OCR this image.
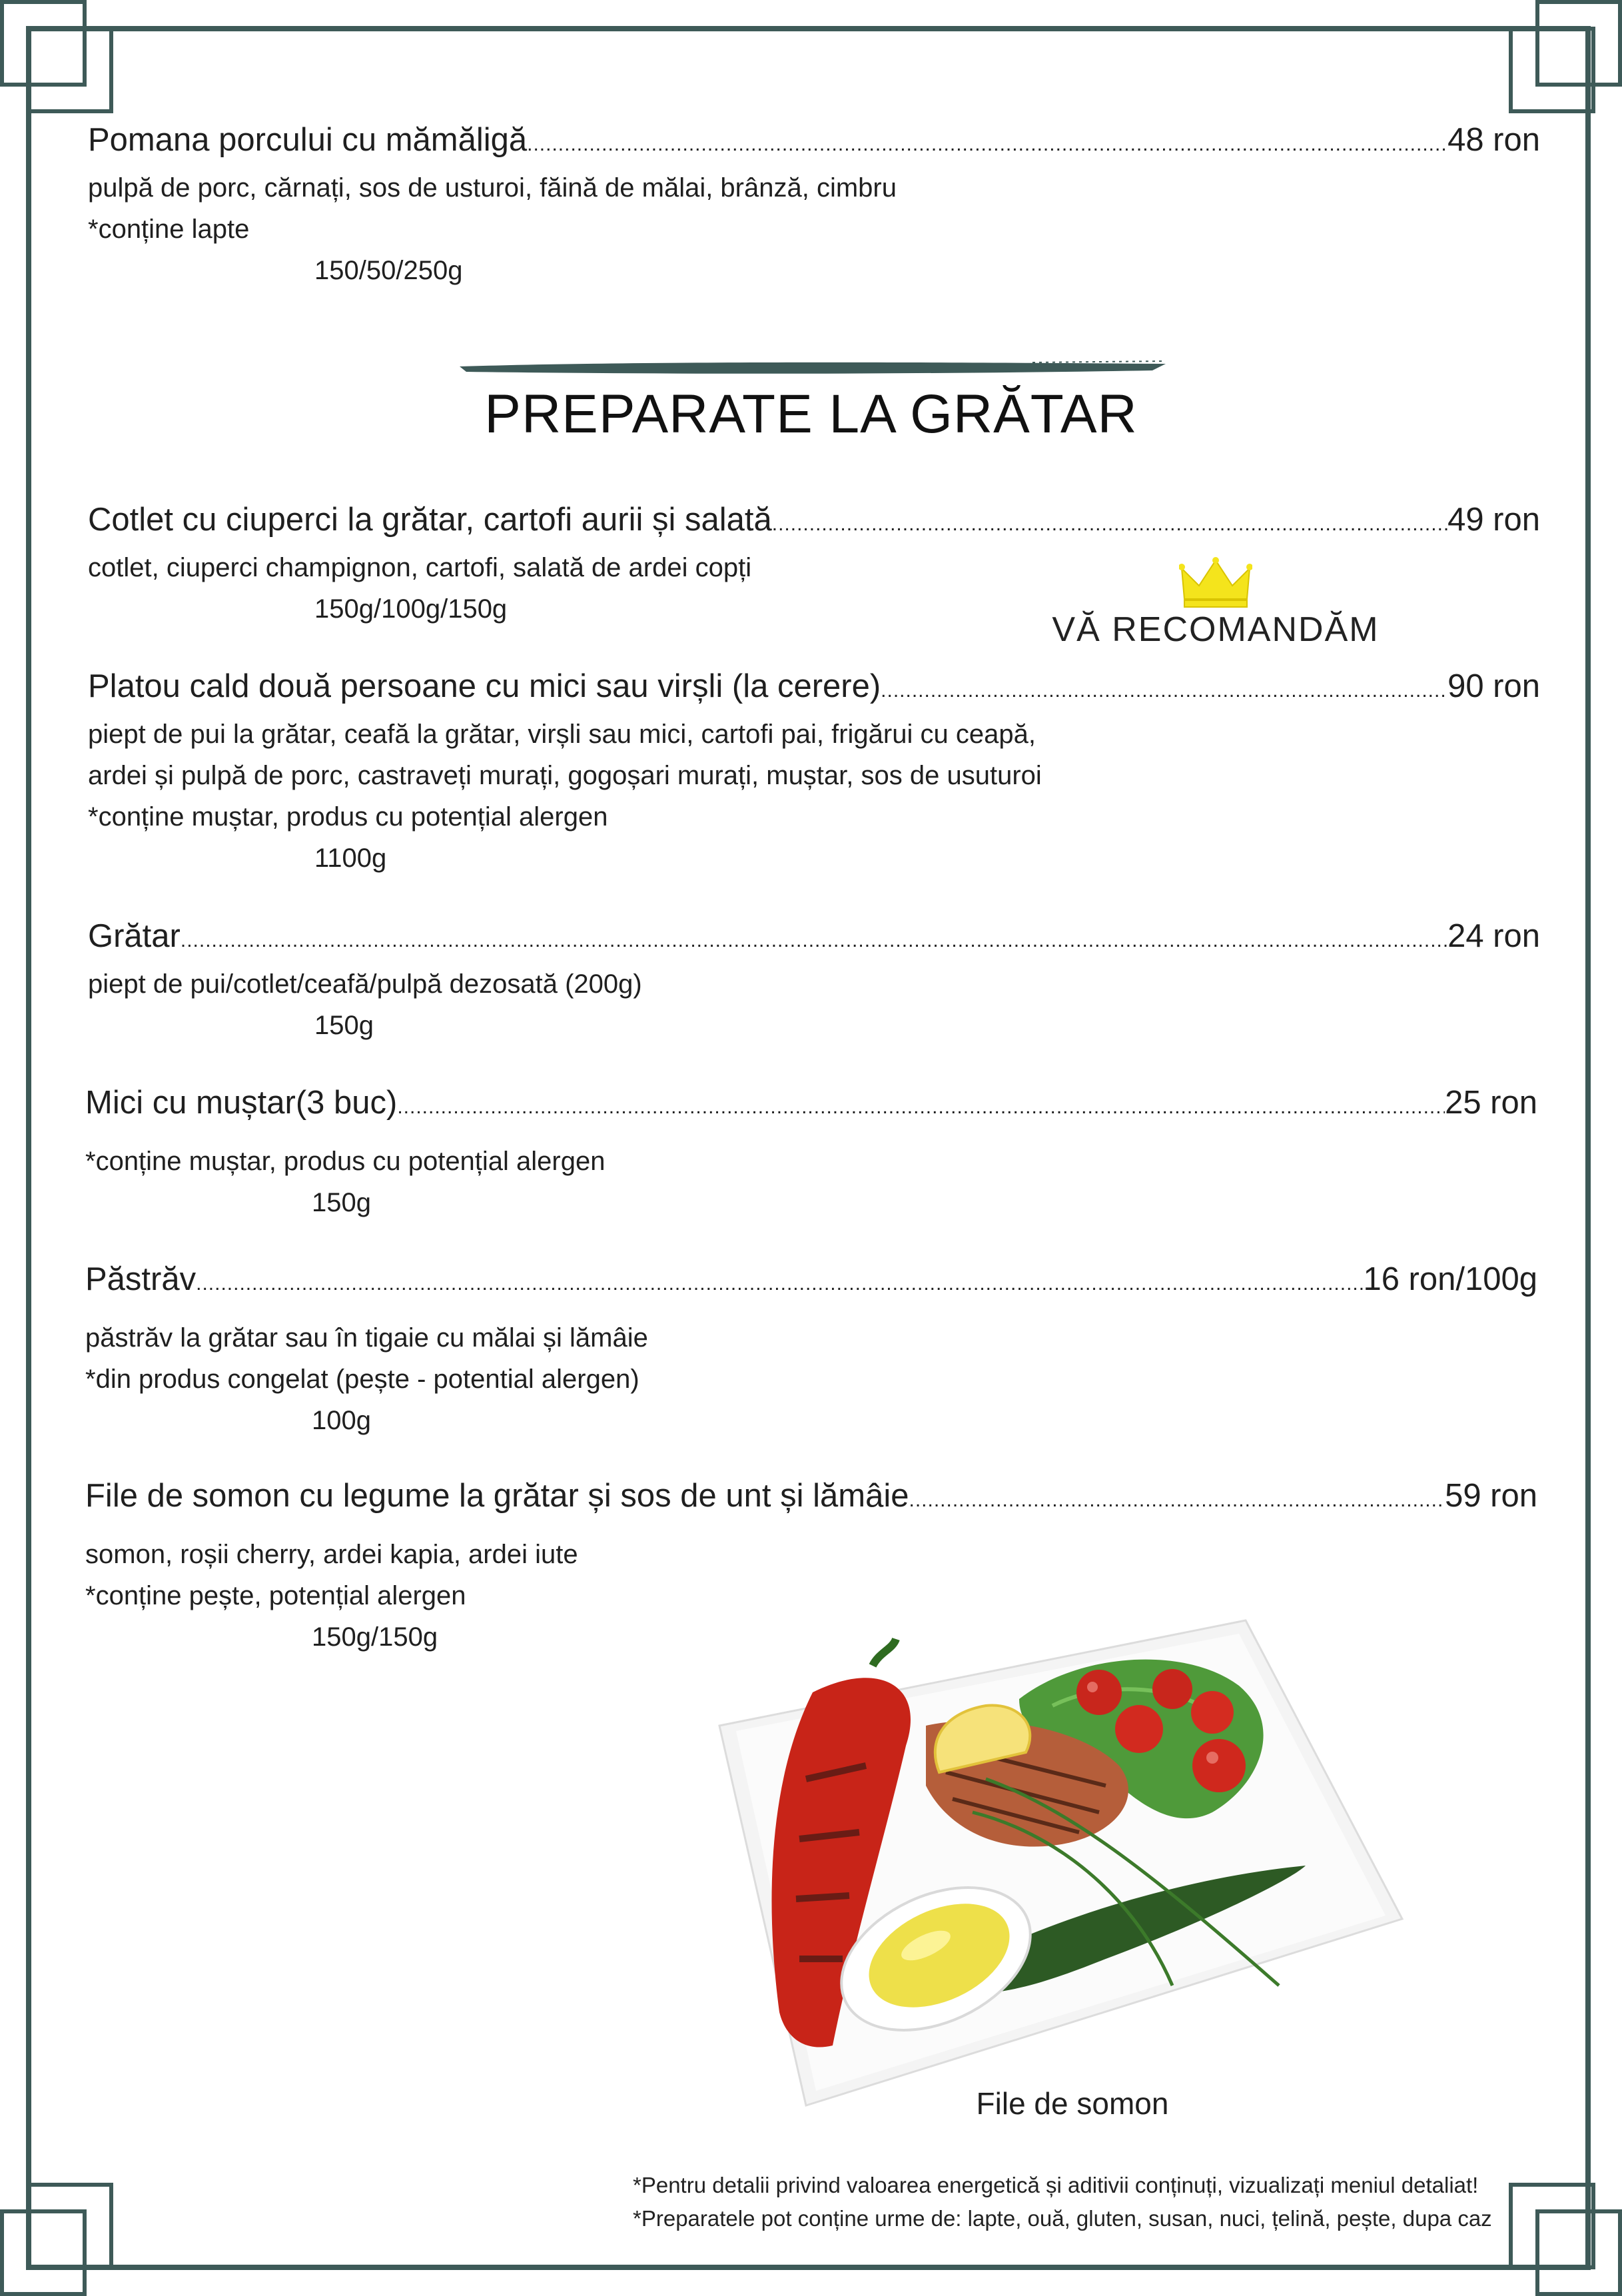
Pomana porcului cu mămăligă .....	48 ron
pulpă de porc, cărnați, sos de usturoi, făină de mălai, brânză, cimbru
*conține lapte
150/50/250g
PREPARATE LA GRĂTAR
VĂ RECOMANDĂM
Cotlet cu ciuperci la grătar, cartofi aurii și salată .....	49 ron
cotlet, ciuperci champignon, cartofi, salată de ardei copți
150g/100g/150g
Platou cald două persoane cu mici sau virșli (la cerere) .....	90 ron
piept de pui la grătar, ceafă la grătar, virșli sau mici, cartofi pai, frigărui cu ceapă,
ardei și pulpă de porc, castraveți murați, gogoșari murați, muștar, sos de usuturoi
*conține muștar, produs cu potențial alergen
1100g
Grătar .....	24 ron
piept de pui/cotlet/ceafă/pulpă dezosată (200g)
150g
Mici cu muștar(3 buc) .....	25 ron
*conține muștar, produs cu potențial alergen
150g
Păstrăv .....	16 ron/100g
păstrăv la grătar sau în tigaie cu mălai și lămâie
*din produs congelat (pește - potential alergen)
100g
File de somon cu legume la grătar și sos de unt și lămâie .....	59 ron
somon, roșii cherry, ardei kapia, ardei iute
*conține pește, potențial alergen
150g/150g
File de somon
*Pentru detalii privind valoarea energetică și aditivii conținuți, vizualizați meniul detaliat!
*Preparatele pot conține urme de: lapte, ouă, gluten, susan, nuci, țelină, pește, dupa caz
